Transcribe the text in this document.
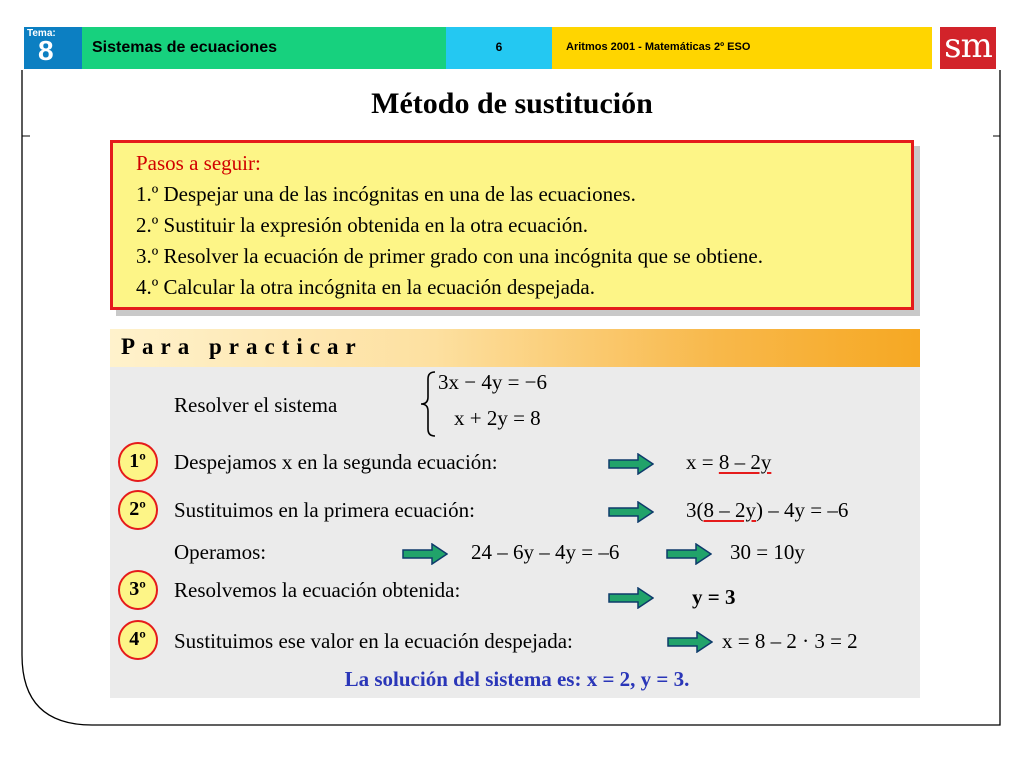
Tema:
8 Sistemas de ecuaciones	6	Aritmos 2001 - Matemáticas 2º ESO	sm
Método de sustitución
Pasos a seguir:
1.º Despejar una de las incógnitas en una de las ecuaciones.
2.º Sustituir la expresión obtenida en la otra ecuación.
3.º Resolver la ecuación de primer grado con una incógnita que se obtiene.
4.º Calcular la otra incógnita en la ecuación despejada.
Para practicar
Resolver el sistema
3x − 4y = −6
x + 2y = 8
1º	Despejamos x en la segunda ecuación:	x = 8 – 2y
2º	Sustituimos en la primera ecuación:	3(8 – 2y) – 4y = –6
Operamos:	24 – 6y – 4y = –6	30 = 10y
3º	Resolvemos la ecuación obtenida:	y = 3
4º	Sustituimos ese valor en la ecuación despejada:	x = 8 – 2 · 3 = 2
La solución del sistema es: x = 2, y = 3.
